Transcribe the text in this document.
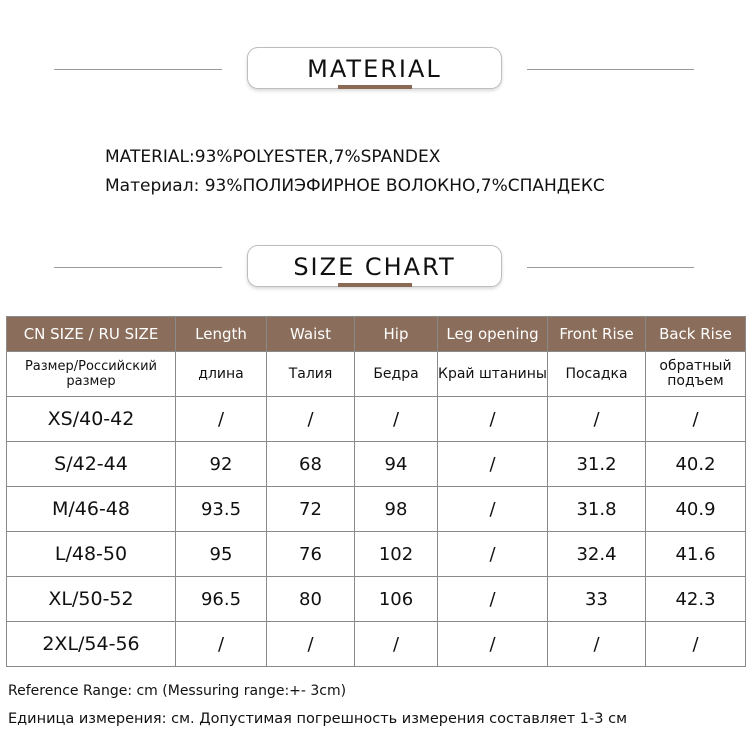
MATERIAL
MATERIAL:93%POLYESTER,7%SPANDEX
Материал: 93%ПОЛИЭФИРНОЕ ВОЛОКНО,7%СПАНДЕКС
SIZE CHART
CN SIZE / RU SIZE	Length	Waist	Hip	Leg opening	Front Rise	Back Rise
Размер/Российский размер	длина	Талия	Бедра	Край штанины	Посадка	обратный подъем
XS/40-42	/	/	/	/	/	/
S/42-44	92	68	94	/	31.2	40.2
M/46-48	93.5	72	98	/	31.8	40.9
L/48-50	95	76	102	/	32.4	41.6
XL/50-52	96.5	80	106	/	33	42.3
2XL/54-56	/	/	/	/	/	/
Reference Range: cm (Messuring range:+- 3cm)
Единица измерения: см. Допустимая погрешность измерения составляет 1-3 см
